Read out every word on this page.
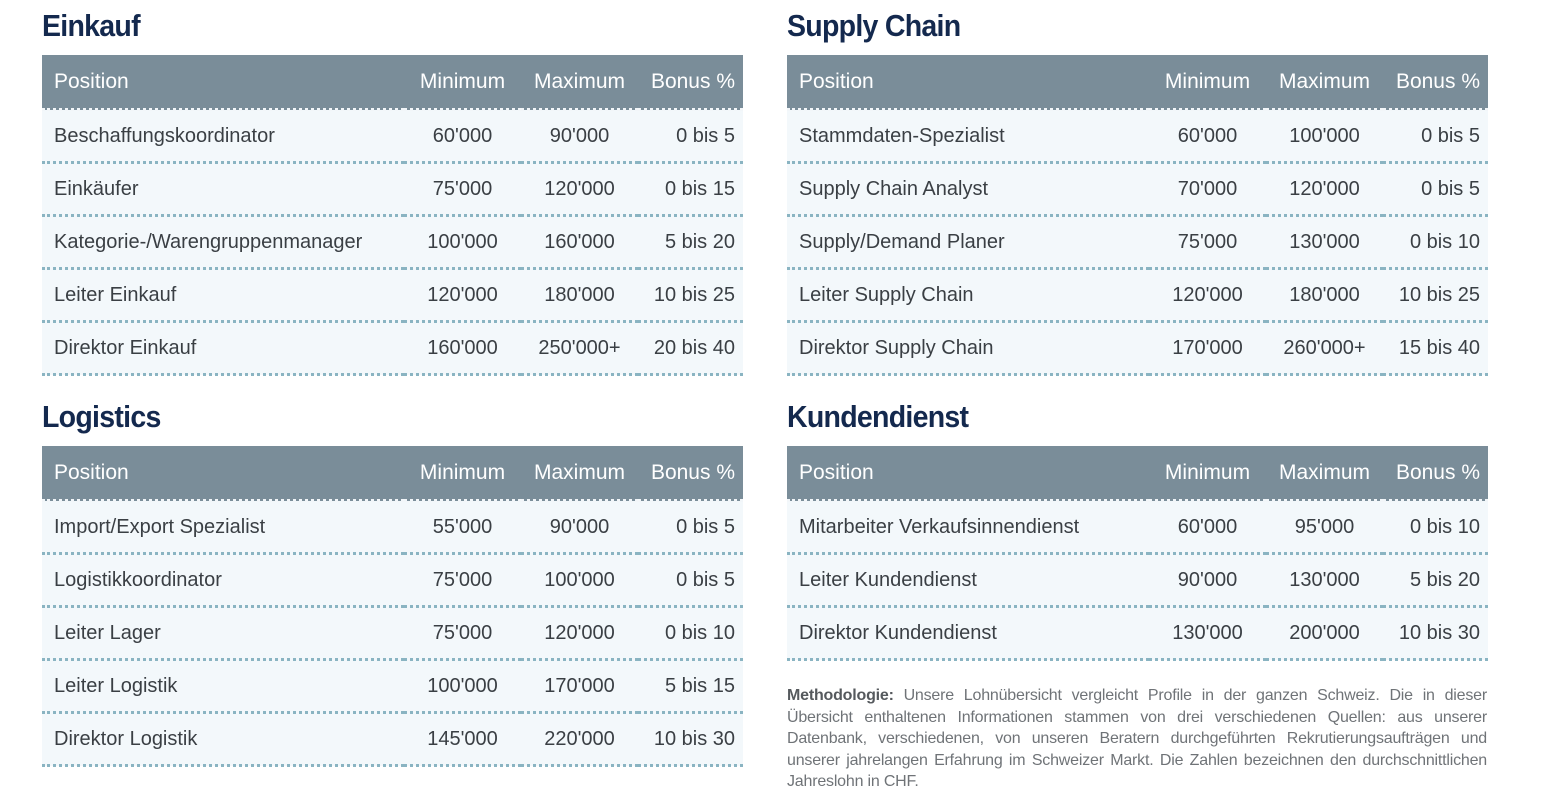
Einkauf
Position	Minimum	Maximum	Bonus %
Beschaffungskoordinator	60'000	90'000	0 bis 5
Einkäufer	75'000	120'000	0 bis 15
Kategorie-/Warengruppenmanager	100'000	160'000	5 bis 20
Leiter Einkauf	120'000	180'000	10 bis 25
Direktor Einkauf	160'000	250'000+	20 bis 40
Supply Chain
Position	Minimum	Maximum	Bonus %
Stammdaten-Spezialist	60'000	100'000	0 bis 5
Supply Chain Analyst	70'000	120'000	0 bis 5
Supply/Demand Planer	75'000	130'000	0 bis 10
Leiter Supply Chain	120'000	180'000	10 bis 25
Direktor Supply Chain	170'000	260'000+	15 bis 40
Logistics
Position	Minimum	Maximum	Bonus %
Import/Export Spezialist	55'000	90'000	0 bis 5
Logistikkoordinator	75'000	100'000	0 bis 5
Leiter Lager	75'000	120'000	0 bis 10
Leiter Logistik	100'000	170'000	5 bis 15
Direktor Logistik	145'000	220'000	10 bis 30
Kundendienst
Position	Minimum	Maximum	Bonus %
Mitarbeiter Verkaufsinnendienst	60'000	95'000	0 bis 10
Leiter Kundendienst	90'000	130'000	5 bis 20
Direktor Kundendienst	130'000	200'000	10 bis 30

Methodologie: Unsere Lohnübersicht vergleicht Profile in der ganzen Schweiz. Die in dieser Übersicht enthaltenen Informationen stammen von drei verschiedenen Quellen: aus unserer Datenbank, verschiedenen, von unseren Beratern durchgeführten Rekrutierungsaufträgen und unserer jahrelangen Erfahrung im Schweizer Markt. Die Zahlen bezeichnen den durchschnittlichen Jahreslohn in CHF.
